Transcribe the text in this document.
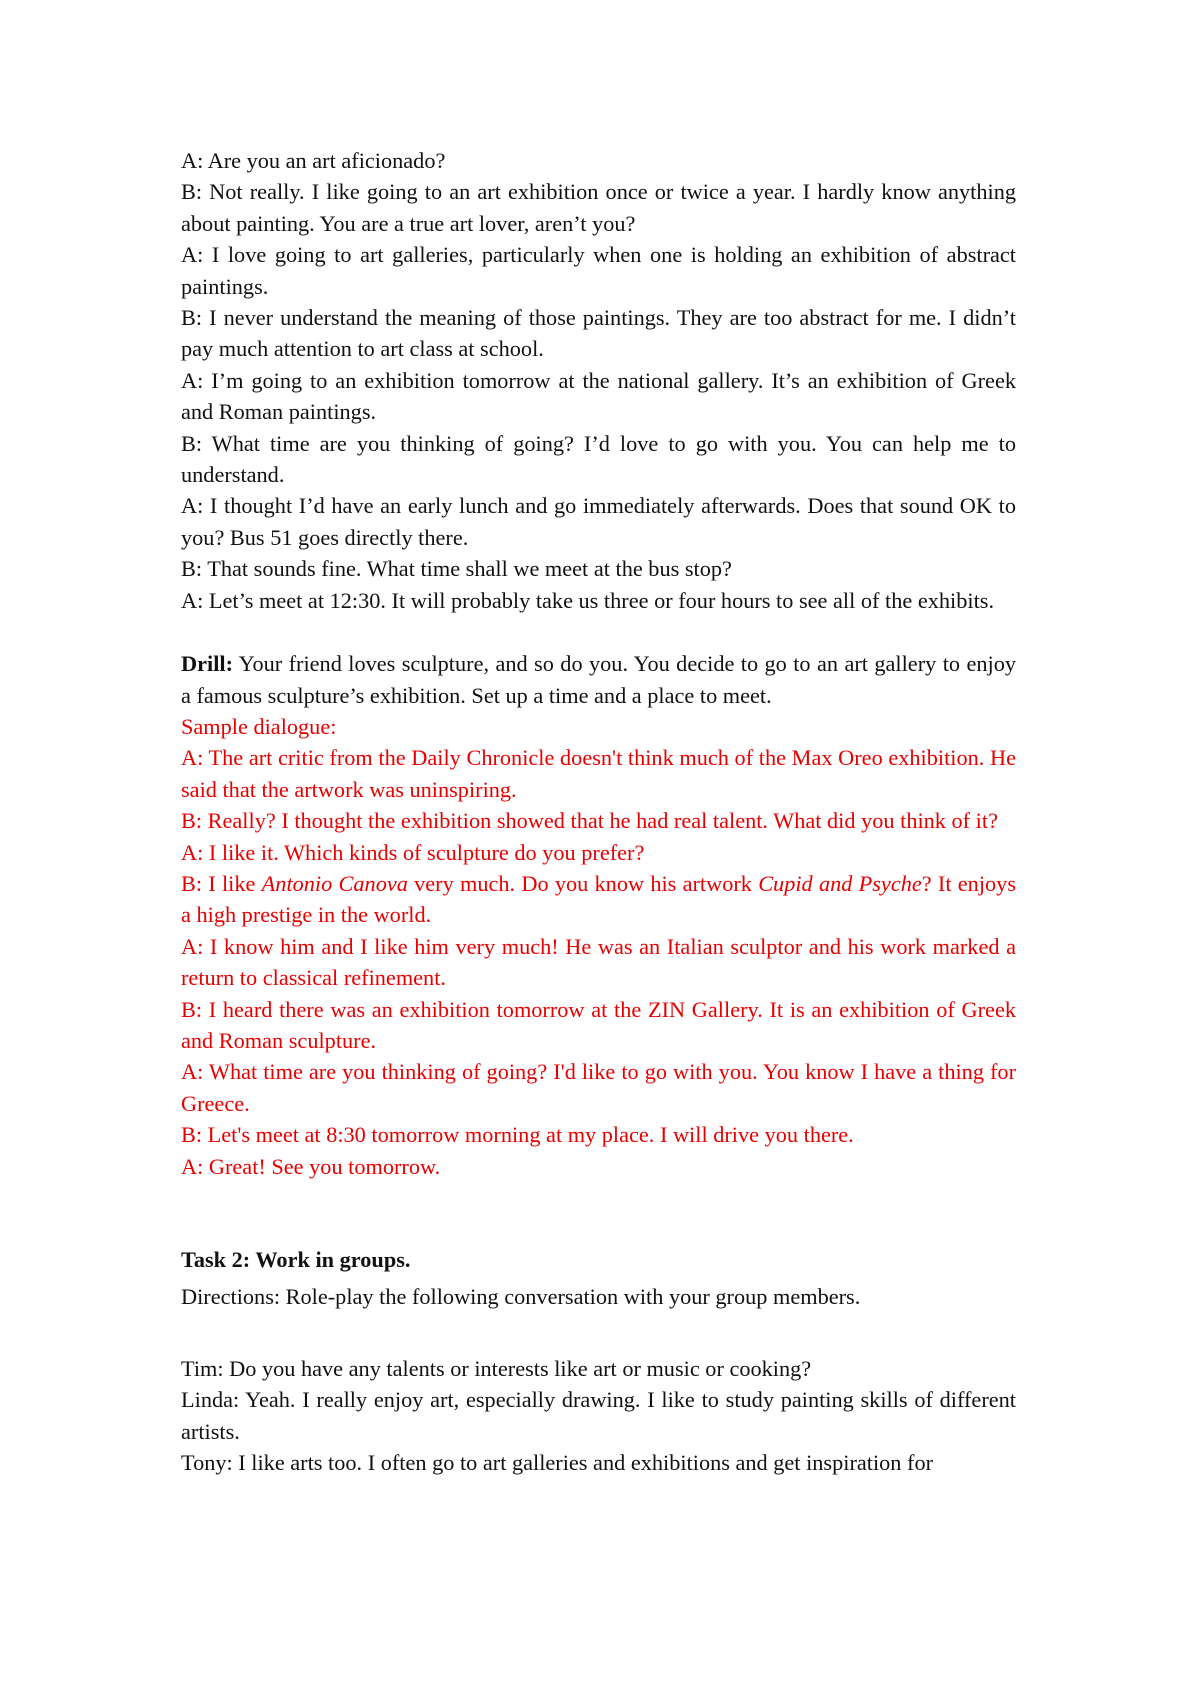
A: Are you an art aficionado?

B: Not really. I like going to an art exhibition once or twice a year. I hardly know anything about painting. You are a true art lover, aren’t you?

A: I love going to art galleries, particularly when one is holding an exhibition of abstract paintings.

B: I never understand the meaning of those paintings. They are too abstract for me. I didn’t pay much attention to art class at school.

A: I’m going to an exhibition tomorrow at the national gallery. It’s an exhibition of Greek and Roman paintings.

B: What time are you thinking of going? I’d love to go with you. You can help me to understand.

A: I thought I’d have an early lunch and go immediately afterwards. Does that sound OK to you? Bus 51 goes directly there.

B: That sounds fine. What time shall we meet at the bus stop?

A: Let’s meet at 12:30. It will probably take us three or four hours to see all of the exhibits.

Drill: Your friend loves sculpture, and so do you. You decide to go to an art gallery to enjoy a famous sculpture’s exhibition. Set up a time and a place to meet.

Sample dialogue:

A: The art critic from the Daily Chronicle doesn't think much of the Max Oreo exhibition. He said that the artwork was uninspiring.

B: Really? I thought the exhibition showed that he had real talent. What did you think of it?

A: I like it. Which kinds of sculpture do you prefer?

B: I like Antonio Canova very much. Do you know his artwork Cupid and Psyche? It enjoys a high prestige in the world.

A: I know him and I like him very much! He was an Italian sculptor and his work marked a return to classical refinement.

B: I heard there was an exhibition tomorrow at the ZIN Gallery. It is an exhibition of Greek and Roman sculpture.

A: What time are you thinking of going? I'd like to go with you. You know I have a thing for Greece.

B: Let's meet at 8:30 tomorrow morning at my place. I will drive you there.

A: Great! See you tomorrow.

Task 2: Work in groups.

Directions: Role-play the following conversation with your group members.

Tim: Do you have any talents or interests like art or music or cooking?

Linda: Yeah. I really enjoy art, especially drawing. I like to study painting skills of different artists.

Tony: I like arts too. I often go to art galleries and exhibitions and get inspiration for
